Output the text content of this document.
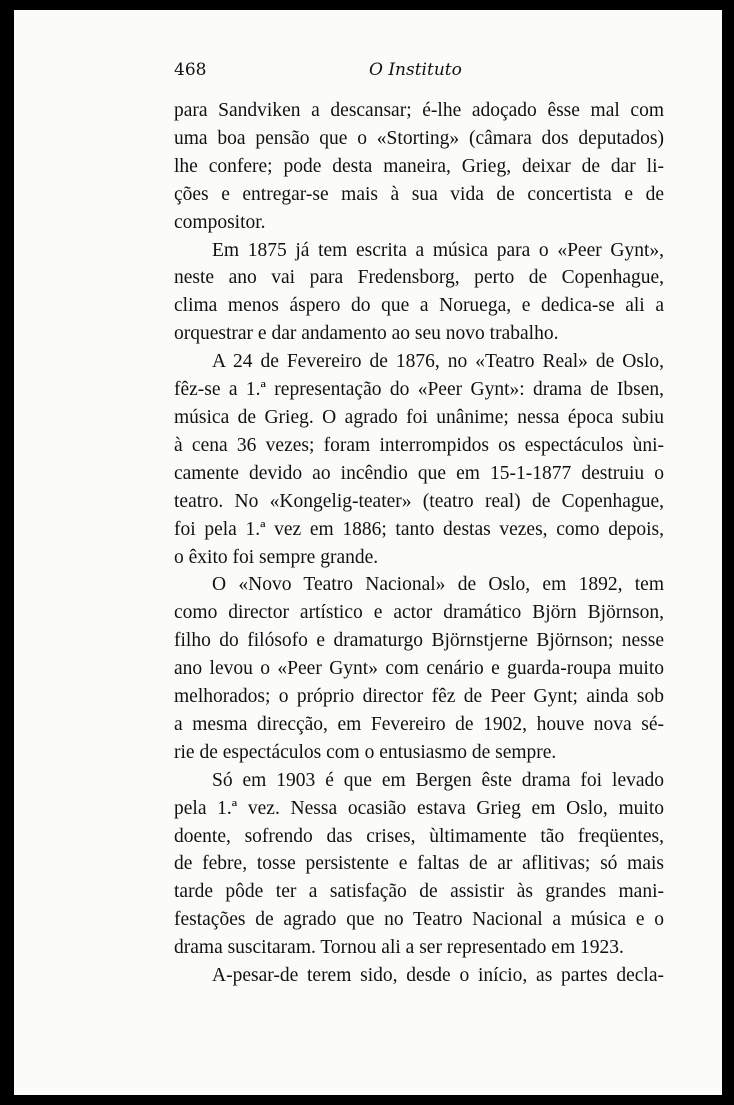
468	O Instituto
para Sandviken a descansar; é-lhe adoçado êsse mal com
uma boa pensão que o «Storting» (câmara dos deputados)
lhe confere; pode desta maneira, Grieg, deixar de dar li-
ções e entregar-se mais à sua vida de concertista e de
compositor.
Em 1875 já tem escrita a música para o «Peer Gynt»,
neste ano vai para Fredensborg, perto de Copenhague,
clima menos áspero do que a Noruega, e dedica-se ali a
orquestrar e dar andamento ao seu novo trabalho.
A 24 de Fevereiro de 1876, no «Teatro Real» de Oslo,
fêz-se a 1.ª representação do «Peer Gynt»: drama de Ibsen,
música de Grieg. O agrado foi unânime; nessa época subiu
à cena 36 vezes; foram interrompidos os espectáculos ùni-
camente devido ao incêndio que em 15-1-1877 destruiu o
teatro. No «Kongelig-teater» (teatro real) de Copenhague,
foi pela 1.ª vez em 1886; tanto destas vezes, como depois,
o êxito foi sempre grande.
O «Novo Teatro Nacional» de Oslo, em 1892, tem
como director artístico e actor dramático Björn Björnson,
filho do filósofo e dramaturgo Björnstjerne Björnson; nesse
ano levou o «Peer Gynt» com cenário e guarda-roupa muito
melhorados; o próprio director fêz de Peer Gynt; ainda sob
a mesma direcção, em Fevereiro de 1902, houve nova sé-
rie de espectáculos com o entusiasmo de sempre.
Só em 1903 é que em Bergen êste drama foi levado
pela 1.ª vez. Nessa ocasião estava Grieg em Oslo, muito
doente, sofrendo das crises, ùltimamente tão freqüentes,
de febre, tosse persistente e faltas de ar aflitivas; só mais
tarde pôde ter a satisfação de assistir às grandes mani-
festações de agrado que no Teatro Nacional a música e o
drama suscitaram. Tornou ali a ser representado em 1923.
A-pesar-de terem sido, desde o início, as partes decla-
